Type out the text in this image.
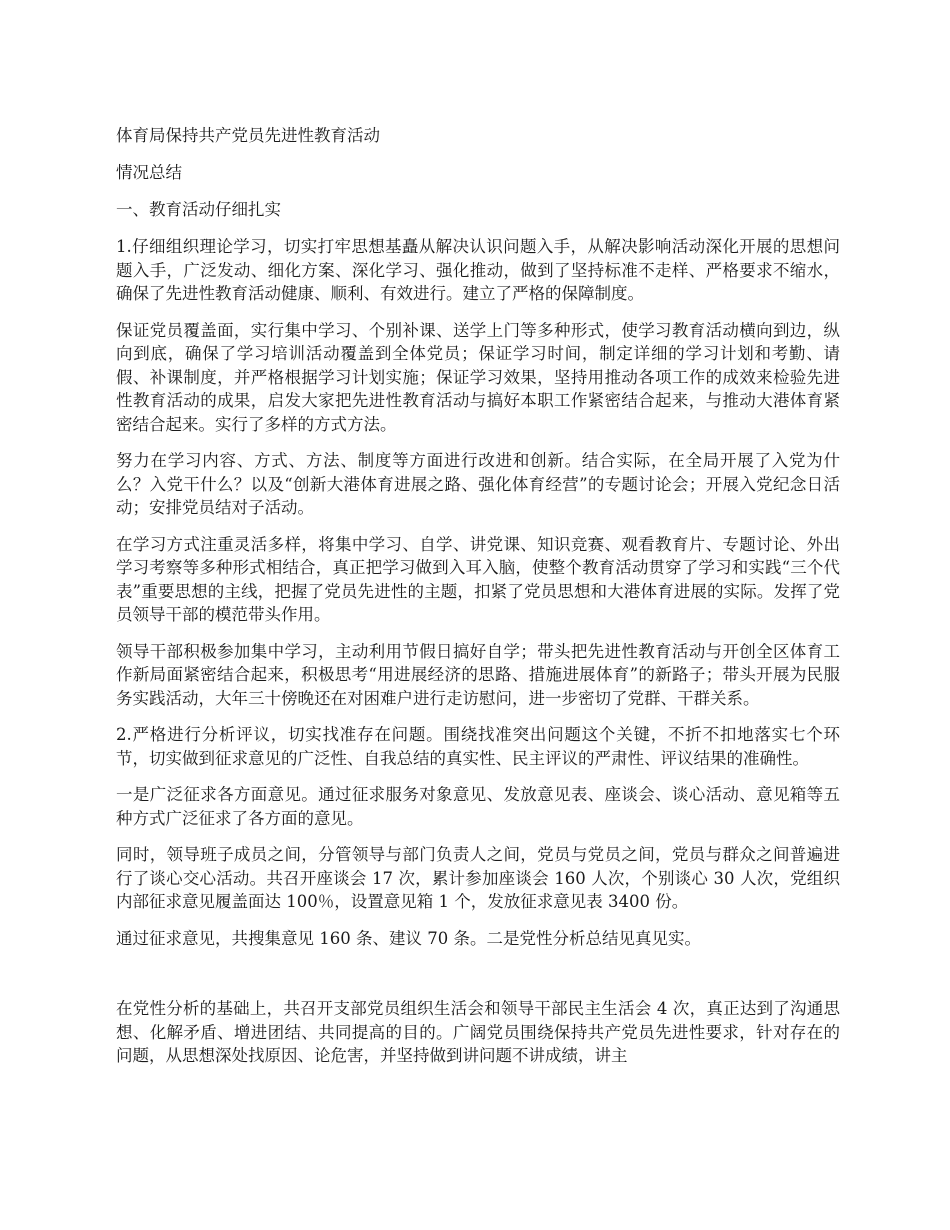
体育局保持共产党员先进性教育活动
情况总结
一、教育活动仔细扎实
1.仔细组织理论学习，切实打牢思想基矗从解决认识问题入手，从解决影响活动深化开展的思想问题入手，广泛发动、细化方案、深化学习、强化推动，做到了坚持标准不走样、严格要求不缩水，确保了先进性教育活动健康、顺利、有效进行。建立了严格的保障制度。
保证党员覆盖面，实行集中学习、个别补课、送学上门等多种形式，使学习教育活动横向到边，纵向到底，确保了学习培训活动覆盖到全体党员；保证学习时间，制定详细的学习计划和考勤、请假、补课制度，并严格根据学习计划实施；保证学习效果，坚持用推动各项工作的成效来检验先进性教育活动的成果，启发大家把先进性教育活动与搞好本职工作紧密结合起来，与推动大港体育紧密结合起来。实行了多样的方式方法。
努力在学习内容、方式、方法、制度等方面进行改进和创新。结合实际，在全局开展了入党为什么？入党干什么？以及“创新大港体育进展之路、强化体育经营”的专题讨论会；开展入党纪念日活动；安排党员结对子活动。
在学习方式注重灵活多样，将集中学习、自学、讲党课、知识竞赛、观看教育片、专题讨论、外出学习考察等多种形式相结合，真正把学习做到入耳入脑，使整个教育活动贯穿了学习和实践“三个代表”重要思想的主线，把握了党员先进性的主题，扣紧了党员思想和大港体育进展的实际。发挥了党员领导干部的模范带头作用。
领导干部积极参加集中学习，主动利用节假日搞好自学；带头把先进性教育活动与开创全区体育工作新局面紧密结合起来，积极思考“用进展经济的思路、措施进展体育”的新路子；带头开展为民服务实践活动，大年三十傍晚还在对困难户进行走访慰问，进一步密切了党群、干群关系。
2.严格进行分析评议，切实找准存在问题。围绕找准突出问题这个关键，不折不扣地落实七个环节，切实做到征求意见的广泛性、自我总结的真实性、民主评议的严肃性、评议结果的准确性。
一是广泛征求各方面意见。通过征求服务对象意见、发放意见表、座谈会、谈心活动、意见箱等五种方式广泛征求了各方面的意见。
同时，领导班子成员之间，分管领导与部门负责人之间，党员与党员之间，党员与群众之间普遍进行了谈心交心活动。共召开座谈会 17 次，累计参加座谈会 160 人次，个别谈心 30 人次，党组织内部征求意见履盖面达 100％，设置意见箱 1 个，发放征求意见表 3400 份。
通过征求意见，共搜集意见 160 条、建议 70 条。二是党性分析总结见真见实。
在党性分析的基础上，共召开支部党员组织生活会和领导干部民主生活会 4 次，真正达到了沟通思想、化解矛盾、增进团结、共同提高的目的。广阔党员围绕保持共产党员先进性要求，针对存在的问题，从思想深处找原因、论危害，并坚持做到讲问题不讲成绩，讲主
